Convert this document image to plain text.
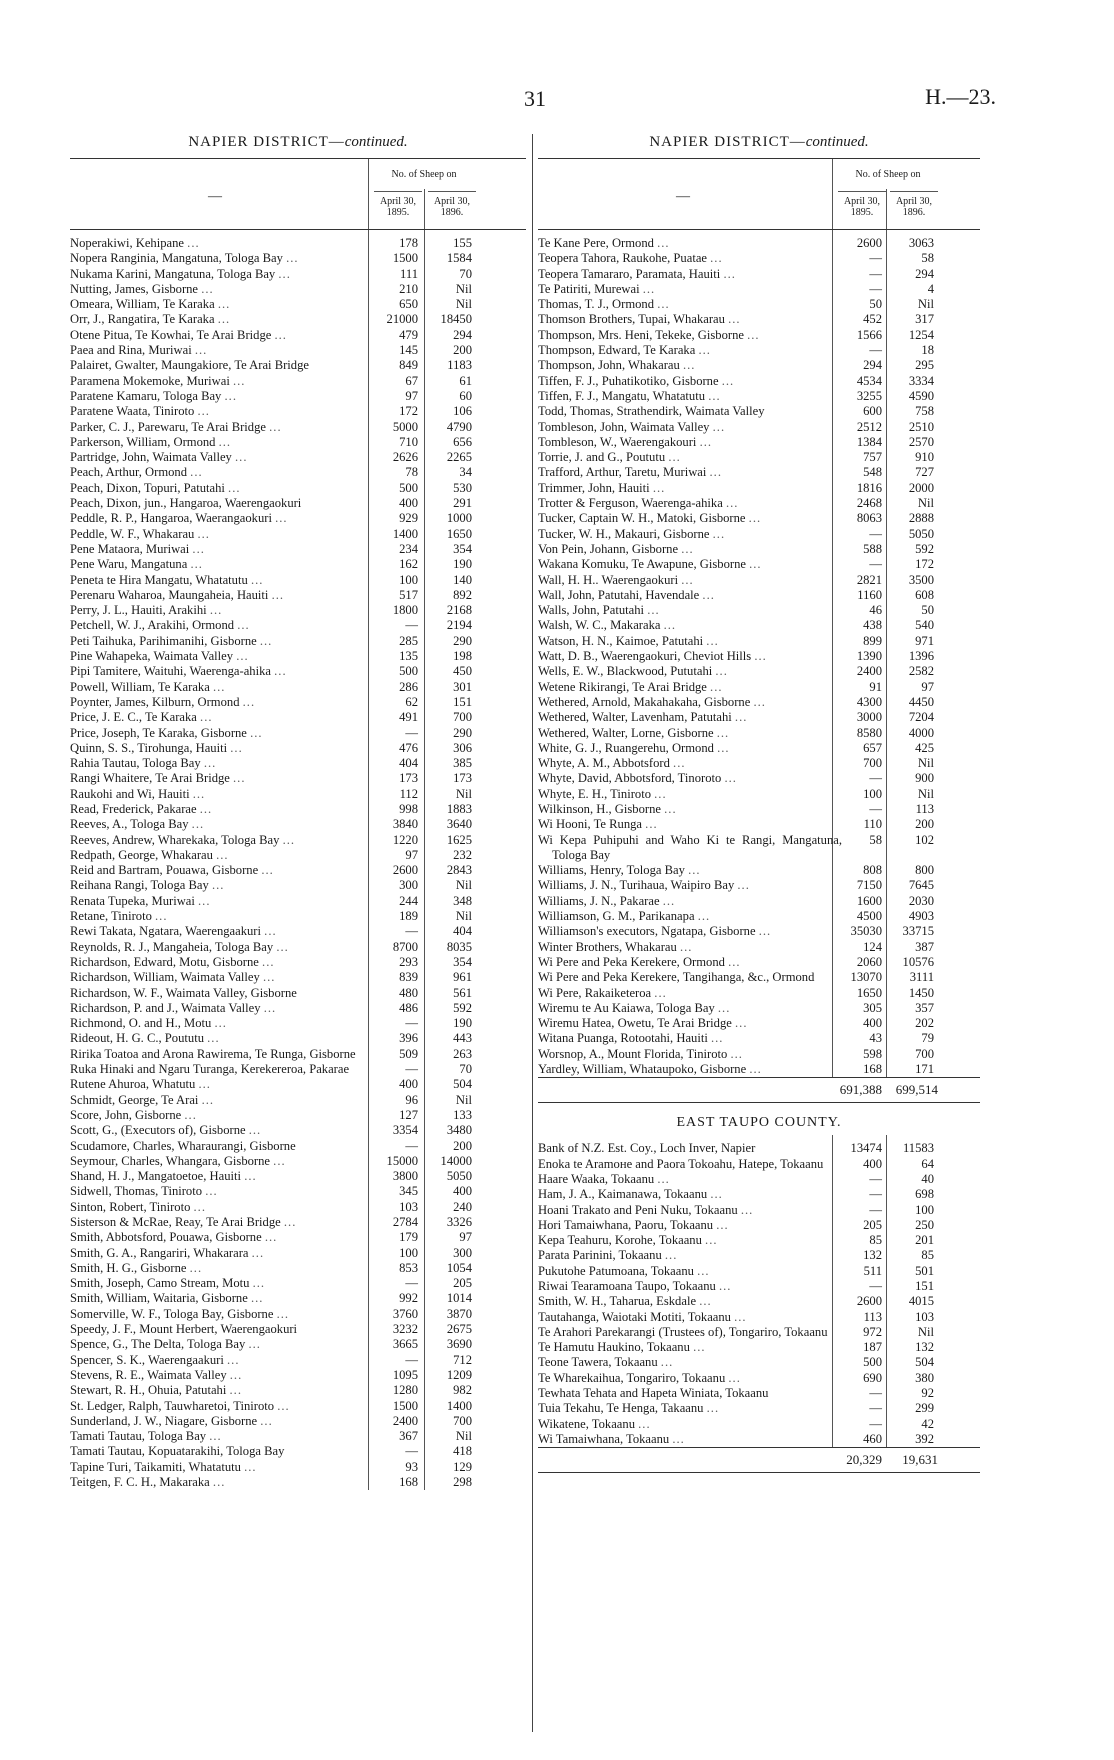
31	H.—23.
NAPIER DISTRICT—continued.
—
No. of Sheep on
April 30, 1895.
April 30, 1896.
Noperakiwi, Kehipane ...	178	155
Nopera Ranginia, Mangatuna, Tologa Bay ...	1500	1584
Nukama Karini, Mangatuna, Tologa Bay ...	111	70
Nutting, James, Gisborne ...	210	Nil
Omeara, William, Te Karaka ...	650	Nil
Orr, J., Rangatira, Te Karaka ...	21000	18450
Otene Pitua, Te Kowhai, Te Arai Bridge ...	479	294
Paea and Rina, Muriwai ...	145	200
Palairet, Gwalter, Maungakiore, Te Arai Bridge	849	1183
Paramena Mokemoke, Muriwai ...	67	61
Paratene Kamaru, Tologa Bay ...	97	60
Paratene Waata, Tiniroto ...	172	106
Parker, C. J., Parewaru, Te Arai Bridge ...	5000	4790
Parkerson, William, Ormond ...	710	656
Partridge, John, Waimata Valley ...	2626	2265
Peach, Arthur, Ormond ...	78	34
Peach, Dixon, Topuri, Patutahi ...	500	530
Peach, Dixon, jun., Hangaroa, Waerengaokuri	400	291
Peddle, R. P., Hangaroa, Waerangaokuri ...	929	1000
Peddle, W. F., Whakarau ...	1400	1650
Pene Mataora, Muriwai ...	234	354
Pene Waru, Mangatuna ...	162	190
Peneta te Hira Mangatu, Whatatutu ...	100	140
Perenaru Waharoa, Maungaheia, Hauiti ...	517	892
Perry, J. L., Hauiti, Arakihi ...	1800	2168
Petchell, W. J., Arakihi, Ormond ...	—	2194
Peti Taihuka, Parihimanihi, Gisborne ...	285	290
Pine Wahapeka, Waimata Valley ...	135	198
Pipi Tamitere, Waituhi, Waerenga-ahika ...	500	450
Powell, William, Te Karaka ...	286	301
Poynter, James, Kilburn, Ormond ...	62	151
Price, J. E. C., Te Karaka ...	491	700
Price, Joseph, Te Karaka, Gisborne ...	—	290
Quinn, S. S., Tirohunga, Hauiti ...	476	306
Rahia Tautau, Tologa Bay ...	404	385
Rangi Whaitere, Te Arai Bridge ...	173	173
Raukohi and Wi, Hauiti ...	112	Nil
Read, Frederick, Pakarae ...	998	1883
Reeves, A., Tologa Bay ...	3840	3640
Reeves, Andrew, Wharekaka, Tologa Bay ...	1220	1625
Redpath, George, Whakarau ...	97	232
Reid and Bartram, Pouawa, Gisborne ...	2600	2843
Reihana Rangi, Tologa Bay ...	300	Nil
Renata Tupeka, Muriwai ...	244	348
Retane, Tiniroto ...	189	Nil
Rewi Takata, Ngatara, Waerengaakuri ...	—	404
Reynolds, R. J., Mangaheia, Tologa Bay ...	8700	8035
Richardson, Edward, Motu, Gisborne ...	293	354
Richardson, William, Waimata Valley ...	839	961
Richardson, W. F., Waimata Valley, Gisborne	480	561
Richardson, P. and J., Waimata Valley ...	486	592
Richmond, O. and H., Motu ...	—	190
Rideout, H. G. C., Poututu ...	396	443
Ririka Toatoa and Arona Rawirema, Te Runga, Gisborne	509	263
Ruka Hinaki and Ngaru Turanga, Kerekereroa, Pakarae	—	70
Rutene Ahuroa, Whatutu ...	400	504
Schmidt, George, Te Arai ...	96	Nil
Score, John, Gisborne ...	127	133
Scott, G., (Executors of), Gisborne ...	3354	3480
Scudamore, Charles, Wharaurangi, Gisborne	—	200
Seymour, Charles, Whangara, Gisborne ...	15000	14000
Shand, H. J., Mangatoetoe, Hauiti ...	3800	5050
Sidwell, Thomas, Tiniroto ...	345	400
Sinton, Robert, Tiniroto ...	103	240
Sisterson & McRae, Reay, Te Arai Bridge ...	2784	3326
Smith, Abbotsford, Pouawa, Gisborne ...	179	97
Smith, G. A., Rangariri, Whakarara ...	100	300
Smith, H. G., Gisborne ...	853	1054
Smith, Joseph, Camo Stream, Motu ...	—	205
Smith, William, Waitaria, Gisborne ...	992	1014
Somerville, W. F., Tologa Bay, Gisborne ...	3760	3870
Speedy, J. F., Mount Herbert, Waerengaokuri	3232	2675
Spence, G., The Delta, Tologa Bay ...	3665	3690
Spencer, S. K., Waerengaakuri ...	—	712
Stevens, R. E., Waimata Valley ...	1095	1209
Stewart, R. H., Ohuia, Patutahi ...	1280	982
St. Ledger, Ralph, Tauwharetoi, Tiniroto ...	1500	1400
Sunderland, J. W., Niagare, Gisborne ...	2400	700
Tamati Tautau, Tologa Bay ...	367	Nil
Tamati Tautau, Kopuatarakihi, Tologa Bay	—	418
Tapine Turi, Taikamiti, Whatatutu ...	93	129
Teitgen, F. C. H., Makaraka ...	168	298
NAPIER DISTRICT—continued.
—
No. of Sheep on
April 30, 1895.
April 30, 1896.
Te Kane Pere, Ormond ...	2600	3063
Teopera Tahora, Raukohe, Puatae ...	—	58
Teopera Tamararo, Paramata, Hauiti ...	—	294
Te Patiriti, Murewai ...	—	4
Thomas, T. J., Ormond ...	50	Nil
Thomson Brothers, Tupai, Whakarau ...	452	317
Thompson, Mrs. Heni, Tekeke, Gisborne ...	1566	1254
Thompson, Edward, Te Karaka ...	—	18
Thompson, John, Whakarau ...	294	295
Tiffen, F. J., Puhatikotiko, Gisborne ...	4534	3334
Tiffen, F. J., Mangatu, Whatatutu ...	3255	4590
Todd, Thomas, Strathendirk, Waimata Valley	600	758
Tombleson, John, Waimata Valley ...	2512	2510
Tombleson, W., Waerengakouri ...	1384	2570
Torrie, J. and G., Poututu ...	757	910
Trafford, Arthur, Taretu, Muriwai ...	548	727
Trimmer, John, Hauiti ...	1816	2000
Trotter & Ferguson, Waerenga-ahika ...	2468	Nil
Tucker, Captain W. H., Matoki, Gisborne ...	8063	2888
Tucker, W. H., Makauri, Gisborne ...	—	5050
Von Pein, Johann, Gisborne ...	588	592
Wakana Komuku, Te Awapune, Gisborne ...	—	172
Wall, H. H.. Waerengaokuri ...	2821	3500
Wall, John, Patutahi, Havendale ...	1160	608
Walls, John, Patutahi ...	46	50
Walsh, W. C., Makaraka ...	438	540
Watson, H. N., Kaimoe, Patutahi ...	899	971
Watt, D. B., Waerengaokuri, Cheviot Hills ...	1390	1396
Wells, E. W., Blackwood, Pututahi ...	2400	2582
Wetene Rikirangi, Te Arai Bridge ...	91	97
Wethered, Arnold, Makahakaha, Gisborne ...	4300	4450
Wethered, Walter, Lavenham, Patutahi ...	3000	7204
Wethered, Walter, Lorne, Gisborne ...	8580	4000
White, G. J., Ruangerehu, Ormond ...	657	425
Whyte, A. M., Abbotsford ...	700	Nil
Whyte, David, Abbotsford, Tinoroto ...	—	900
Whyte, E. H., Tiniroto ...	100	Nil
Wilkinson, H., Gisborne ...	—	113
Wi Hooni, Te Runga ...	110	200
Wi Kepa Puhipuhi and Waho Ki te Rangi, Mangatuna, Tologa Bay
58	102
Williams, Henry, Tologa Bay ...	808	800
Williams, J. N., Turihaua, Waipiro Bay ...	7150	7645
Williams, J. N., Pakarae ...	1600	2030
Williamson, G. M., Parikanapa ...	4500	4903
Williamson's executors, Ngatapa, Gisborne ...	35030	33715
Winter Brothers, Whakarau ...	124	387
Wi Pere and Peka Kerekere, Ormond ...	2060	10576
Wi Pere and Peka Kerekere, Tangihanga, &c., Ormond	13070	3111
Wi Pere, Rakaiketeroa ...	1650	1450
Wiremu te Au Kaiawa, Tologa Bay ...	305	357
Wiremu Hatea, Owetu, Te Arai Bridge ...	400	202
Witana Puanga, Rotootahi, Hauiti ...	43	79
Worsnop, A., Mount Florida, Tiniroto ...	598	700
Yardley, William, Whataupoko, Gisborne ...	168	171
691,388	699,514
EAST TAUPO COUNTY.
Bank of N.Z. Est. Coy., Loch Inver, Napier	13474	11583
Enoka te Aramoне and Paora Tokoahu, Hatepe, Tokaanu	400	64
Haare Waaka, Tokaanu ...	—	40
Ham, J. A., Kaimanawa, Tokaanu ...	—	698
Hoani Trakato and Peni Nuku, Tokaanu ...	—	100
Hori Tamaiwhana, Paoru, Tokaanu ...	205	250
Kepa Teahuru, Korohe, Tokaanu ...	85	201
Parata Parinini, Tokaanu ...	132	85
Pukutohe Patumoana, Tokaanu ...	511	501
Riwai Tearamoana Taupo, Tokaanu ...	—	151
Smith, W. H., Taharua, Eskdale ...	2600	4015
Tautahanga, Waiotaki Motiti, Tokaanu ...	113	103
Te Arahori Parekarangi (Trustees of), Tongariro, Tokaanu	972	Nil
Te Hamutu Haukino, Tokaanu ...	187	132
Teone Tawera, Tokaanu ...	500	504
Te Wharekaihua, Tongariro, Tokaanu ...	690	380
Tewhata Tehata and Hapeta Winiata, Tokaanu	—	92
Tuia Tekahu, Te Henga, Takaanu ...	—	299
Wikatene, Tokaanu ...	—	42
Wi Tamaiwhana, Tokaanu ...	460	392
20,329	19,631
